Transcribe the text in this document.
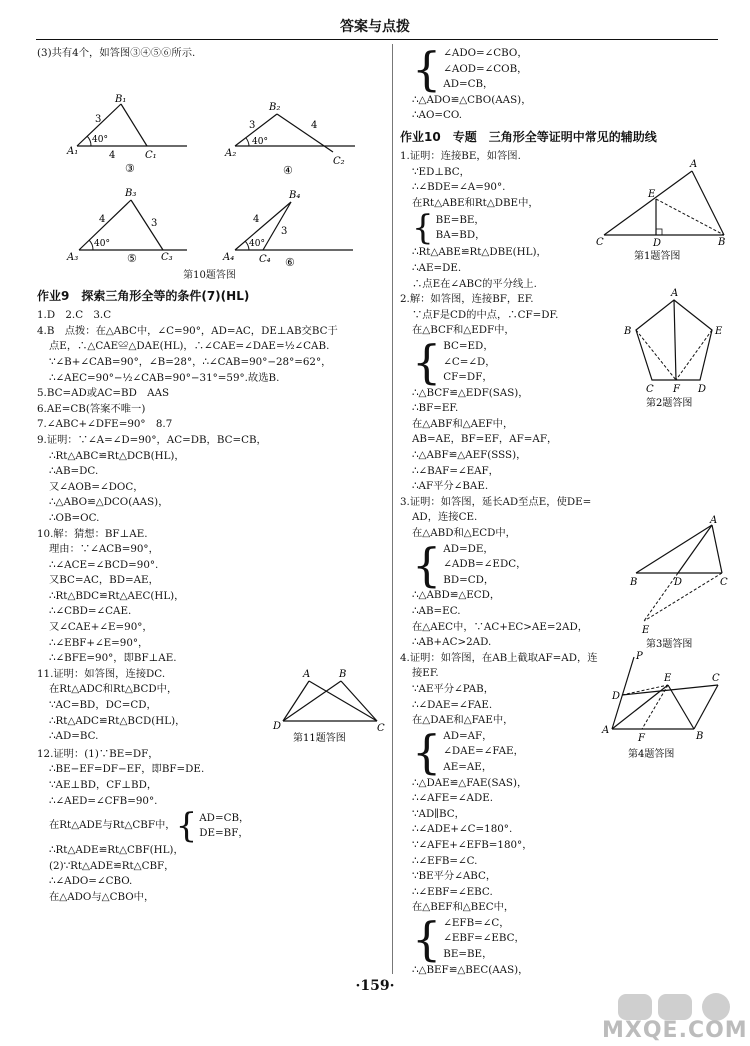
答案与点拨
(3)共有4个，如答图③④⑤⑥所示.
B₁
A₁	C₁
3
4
40°
③
B₂
A₂
C₂
3	4
40°
④
B₃
A₃	C₃
4	3
40°
⑤
B₄
A₄ C₄
4
3
40°
⑥
第10题答图
作业9　探索三角形全等的条件(7)(HL)
1.D　2.C　3.C
4.B　点拨：在△ABC中，∠C=90°，AD=AC，DE⊥AB交BC于
点E，∴△CAE≌△DAE(HL)，∴∠CAE=∠DAE=½∠CAB.
∵∠B+∠CAB=90°，∠B=28°，∴∠CAB=90°−28°=62°，
∴∠AEC=90°−½∠CAB=90°−31°=59°.故选B.
5.BC=AD或AC=BD　AAS
6.AE=CB(答案不唯一)
7.∠ABC+∠DFE=90°　8.7
9.证明：∵∠A=∠D=90°，AC=DB，BC=CB，
∴Rt△ABC≌Rt△DCB(HL)，
∴AB=DC.
又∠AOB=∠DOC，
∴△ABO≌△DCO(AAS)，
∴OB=OC.
10.解：猜想：BF⊥AE.
理由：∵∠ACB=90°，
∴∠ACE=∠BCD=90°.
又BC=AC，BD=AE，
∴Rt△BDC≌Rt△AEC(HL)，
∴∠CBD=∠CAE.
又∠CAE+∠E=90°，
∴∠EBF+∠E=90°，
∴∠BFE=90°，即BF⊥AE.
11.证明：如答图，连接DC.
在Rt△ADC和Rt△BCD中，
∵AC=BD，DC=CD，
∴Rt△ADC≌Rt△BCD(HL)，
∴AD=BC.
A	B
D	C
第11题答图
12.证明：(1)∵BE=DF，
∴BE−EF=DF−EF，即BF=DE.
∵AE⊥BD，CF⊥BD，
∴∠AED=∠CFB=90°.
在Rt△ADE与Rt△CBF中， { AD=CB，
DE=BF，
∴Rt△ADE≌Rt△CBF(HL)，
(2)∵Rt△ADE≌Rt△CBF，
∴∠ADO=∠CBO.
在△ADO与△CBO中，
{ ∠ADO=∠CBO，
∠AOD=∠COB，
AD=CB，
∴△ADO≌△CBO(AAS)，
∴AO=CO.
作业10　专题　三角形全等证明中常见的辅助线
1.证明：连接BE，如答图.
∵ED⊥BC，
∴∠BDE=∠A=90°.
在Rt△ABE和Rt△DBE中，
{ BE=BE，
BA=BD，
∴Rt△ABE≌Rt△DBE(HL)，
∴AE=DE.
∴点E在∠ABC的平分线上.
A
E
C	D	B
第1题答图
2.解：如答图，连接BF，EF.
∵点F是CD的中点，∴CF=DF.
在△BCF和△EDF中，
{ BC=ED，
∠C=∠D，
CF=DF，
∴△BCF≌△EDF(SAS)，
∴BF=EF.
在△ABF和△AEF中，
AB=AE，BF=EF，AF=AF，
∴△ABF≌△AEF(SSS)，
∴∠BAF=∠EAF，
∴AF平分∠BAE.
A
B	E
C F D
第2题答图
3.证明：如答图，延长AD至点E，使DE=
AD，连接CE.
在△ABD和△ECD中，
{ AD=DE，
∠ADB=∠EDC，
BD=CD，
∴△ABD≌△ECD，
∴AB=EC.
在△AEC中，∵AC+EC>AE=2AD，
∴AB+AC>2AD.
A
B	D	C
E
第3题答图
4.证明：如答图，在AB上截取AF=AD，连
接EF.
∵AE平分∠PAB，
∴∠DAE=∠FAE.
在△DAE和△FAE中，
{ AD=AF，
∠DAE=∠FAE，
AE=AE，
∴△DAE≌△FAE(SAS)，
∴∠AFE=∠ADE.
∵AD∥BC，
∴∠ADE+∠C=180°.
∵∠AFE+∠EFB=180°，
∴∠EFB=∠C.
∵BE平分∠ABC，
∴∠EBF=∠EBC.
在△BEF和△BEC中，
{ ∠EFB=∠C，
∠EBF=∠EBC，
BE=BE，
∴△BEF≌△BEC(AAS)，
P
D
E	C
A
F	B
第4题答图
·159·
MXQE.COM
